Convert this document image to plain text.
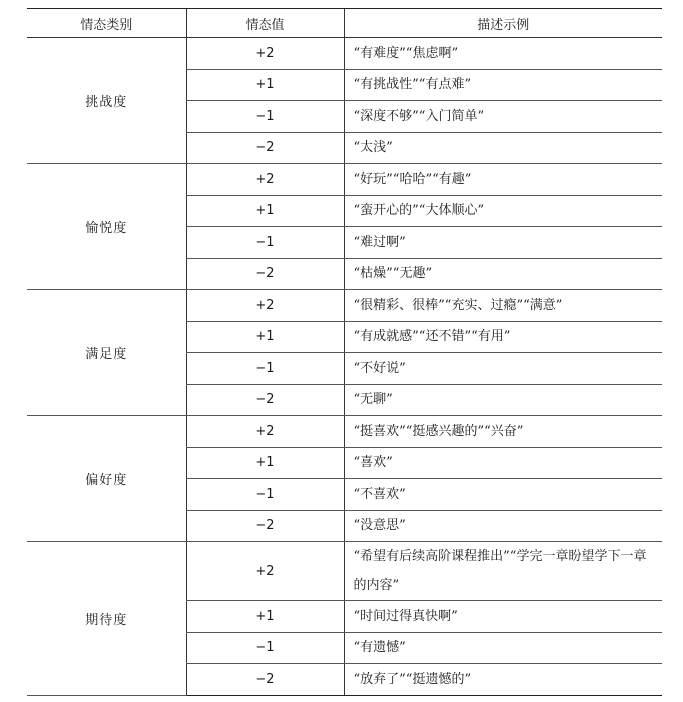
情态类别	情态值	描述示例
挑战度	+2	“有难度”“焦虑啊”
	+1	“有挑战性”“有点难”
	−1	“深度不够”“入门简单”
	−2	“太浅”
愉悦度	+2	“好玩”“哈哈”“有趣”
	+1	“蛮开心的”“大体顺心”
	−1	“难过啊”
	−2	“枯燥”“无趣”
满足度	+2	“很精彩、很棒”“充实、过瘾”“满意”
	+1	“有成就感”“还不错”“有用”
	−1	“不好说”
	−2	“无聊”
偏好度	+2	“挺喜欢”“挺感兴趣的”“兴奋”
	+1	“喜欢”
	−1	“不喜欢”
	−2	“没意思”
期待度	+2	“希望有后续高阶课程推出”“学完一章盼望学下一章的内容”
	+1	“时间过得真快啊”
	−1	“有遗憾”
	−2	“放弃了”“挺遗憾的”
